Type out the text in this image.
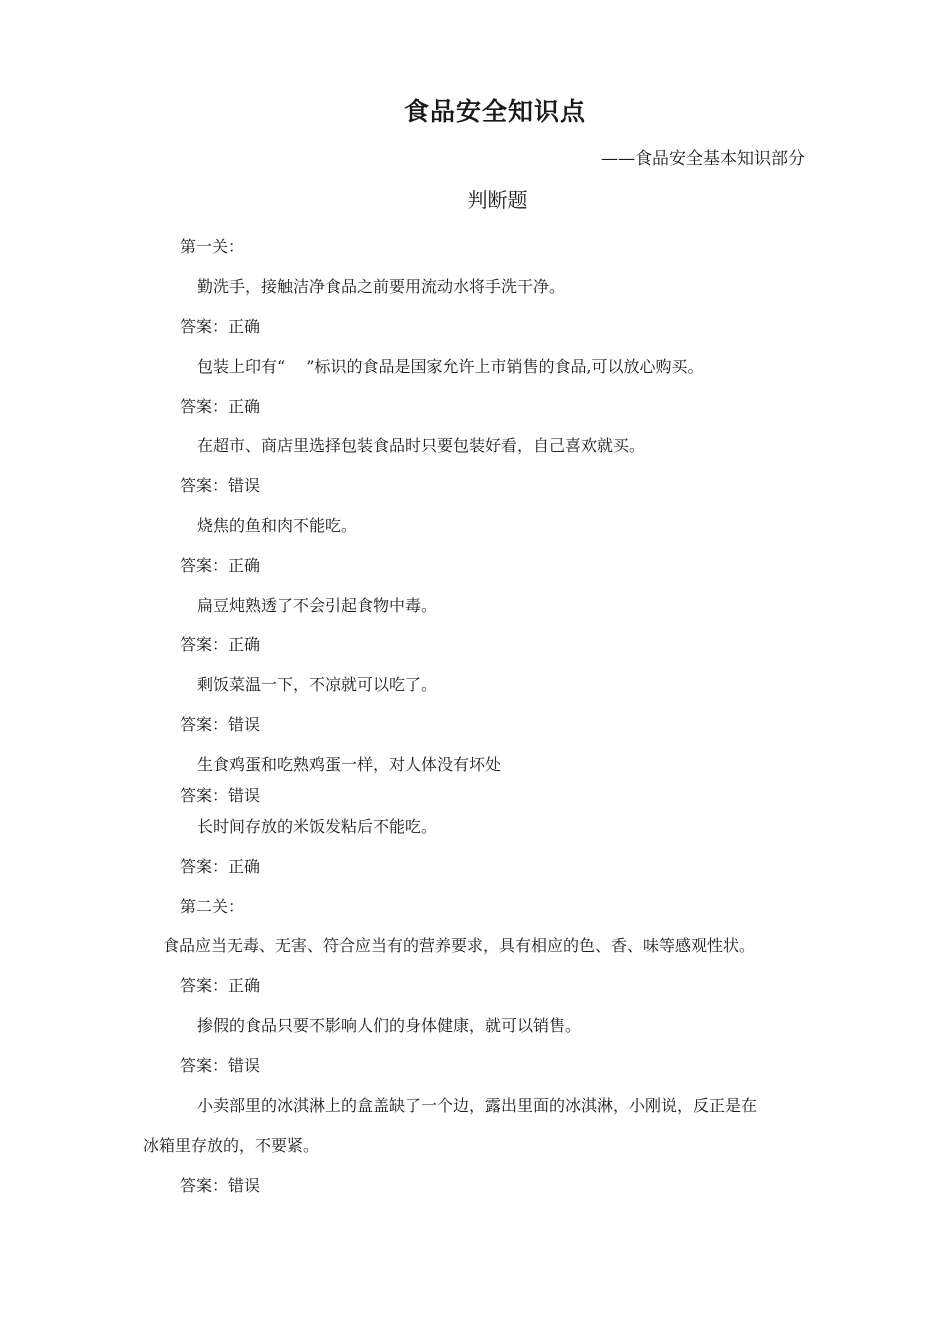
食品安全知识点
——食品安全基本知识部分
判断题
第一关：
勤洗手，接触洁净食品之前要用流动水将手洗干净。
答案：正确
包装上印有“　 ”标识的食品是国家允许上市销售的食品,可以放心购买。
答案：正确
在超市、商店里选择包装食品时只要包装好看，自己喜欢就买。
答案：错误
烧焦的鱼和肉不能吃。
答案：正确
扁豆炖熟透了不会引起食物中毒。
答案：正确
剩饭菜温一下，不凉就可以吃了。
答案：错误
生食鸡蛋和吃熟鸡蛋一样，对人体没有坏处
答案：错误
长时间存放的米饭发粘后不能吃。
答案：正确
第二关：
食品应当无毒、无害、符合应当有的营养要求，具有相应的色、香、味等感观性状。
答案：正确
掺假的食品只要不影响人们的身体健康，就可以销售。
答案：错误
小卖部里的冰淇淋上的盒盖缺了一个边，露出里面的冰淇淋，小刚说，反正是在
冰箱里存放的，不要紧。
答案：错误
